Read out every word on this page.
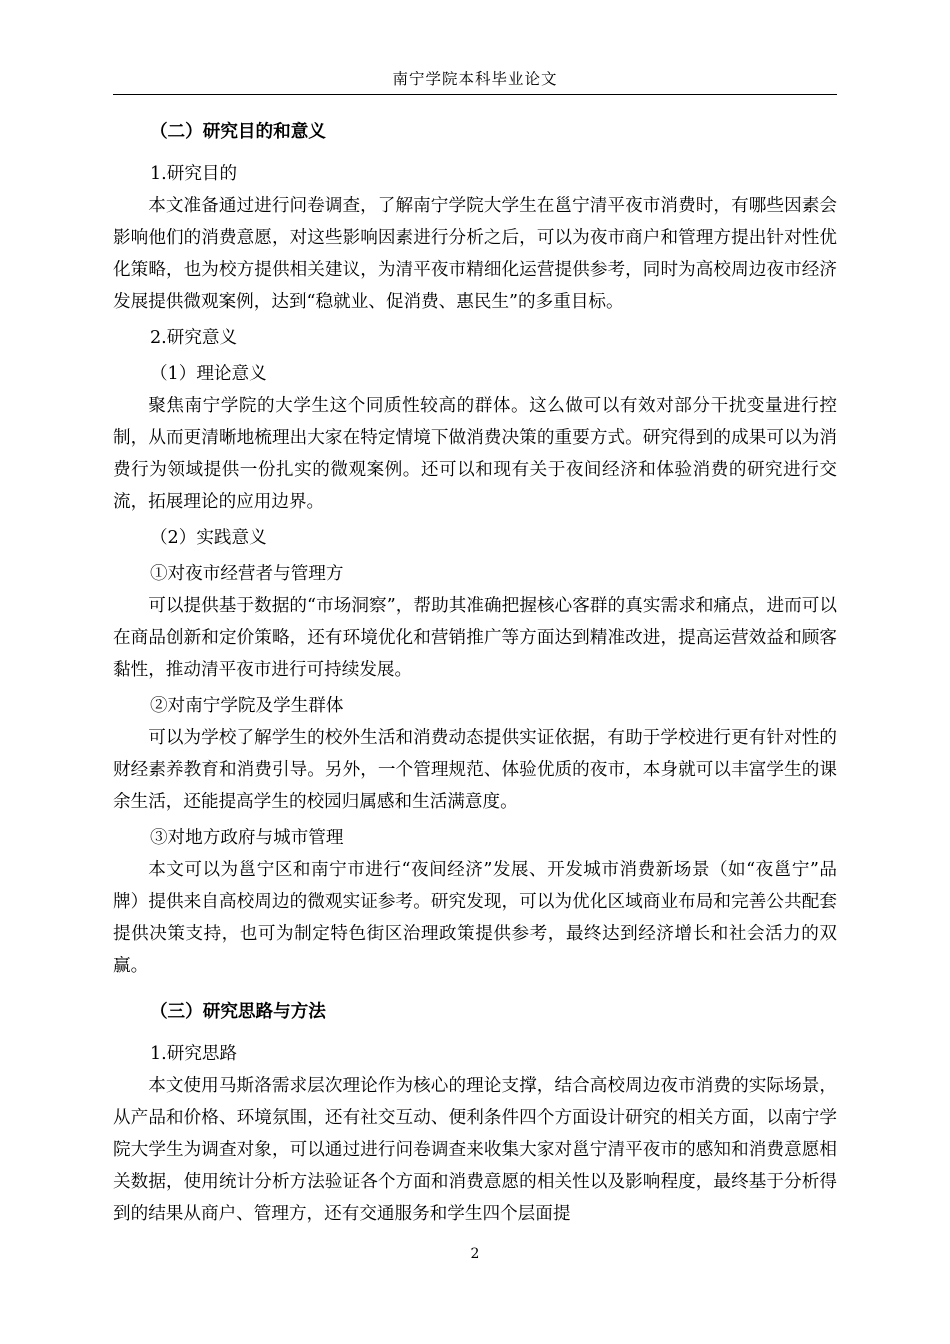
南宁学院本科毕业论文

（二）研究目的和意义

1.研究目的

本文准备通过进行问卷调查，了解南宁学院大学生在邕宁清平夜市消费时，有哪些因素会影响他们的消费意愿，对这些影响因素进行分析之后，可以为夜市商户和管理方提出针对性优化策略，也为校方提供相关建议，为清平夜市精细化运营提供参考，同时为高校周边夜市经济发展提供微观案例，达到“稳就业、促消费、惠民生”的多重目标。

2.研究意义

（1）理论意义

聚焦南宁学院的大学生这个同质性较高的群体。这么做可以有效对部分干扰变量进行控制，从而更清晰地梳理出大家在特定情境下做消费决策的重要方式。研究得到的成果可以为消费行为领域提供一份扎实的微观案例。还可以和现有关于夜间经济和体验消费的研究进行交流，拓展理论的应用边界。

（2）实践意义

①对夜市经营者与管理方

可以提供基于数据的“市场洞察”，帮助其准确把握核心客群的真实需求和痛点，进而可以在商品创新和定价策略，还有环境优化和营销推广等方面达到精准改进，提高运营效益和顾客黏性，推动清平夜市进行可持续发展。

②对南宁学院及学生群体

可以为学校了解学生的校外生活和消费动态提供实证依据，有助于学校进行更有针对性的财经素养教育和消费引导。另外，一个管理规范、体验优质的夜市，本身就可以丰富学生的课余生活，还能提高学生的校园归属感和生活满意度。

③对地方政府与城市管理

本文可以为邕宁区和南宁市进行“夜间经济”发展、开发城市消费新场景（如“夜邕宁”品牌）提供来自高校周边的微观实证参考。研究发现，可以为优化区域商业布局和完善公共配套提供决策支持，也可为制定特色街区治理政策提供参考，最终达到经济增长和社会活力的双赢。

（三）研究思路与方法

1.研究思路

本文使用马斯洛需求层次理论作为核心的理论支撑，结合高校周边夜市消费的实际场景，从产品和价格、环境氛围，还有社交互动、便利条件四个方面设计研究的相关方面，以南宁学院大学生为调查对象，可以通过进行问卷调查来收集大家对邕宁清平夜市的感知和消费意愿相关数据，使用统计分析方法验证各个方面和消费意愿的相关性以及影响程度，最终基于分析得到的结果从商户、管理方，还有交通服务和学生四个层面提

2
